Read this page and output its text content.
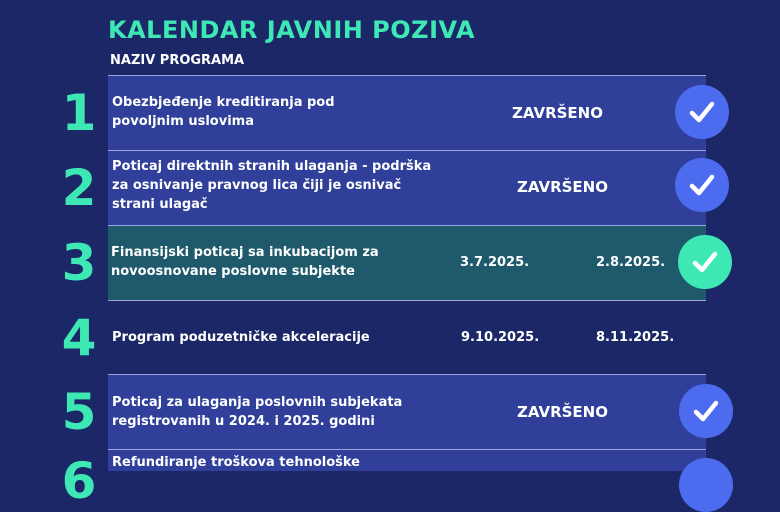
KALENDAR JAVNIH POZIVA
NAZIV PROGRAMA
1 Obezbjeđenje kreditiranja pod
povoljnim uslovima	ZAVRŠENO
2 Poticaj direktnih stranih ulaganja - podrška
za osnivanje pravnog lica čiji je osnivač
strani ulagač
ZAVRŠENO
3 Finansijski poticaj sa inkubacijom za
novoosnovane poslovne subjekte
3.7.2025.	2.8.2025.
4 Program poduzetničke akceleracije	9.10.2025.	8.11.2025.
5 Poticaj za ulaganja poslovnih subjekata
registrovanih u 2024. i 2025. godini
ZAVRŠENO
6 Refundiranje troškova tehnološke
